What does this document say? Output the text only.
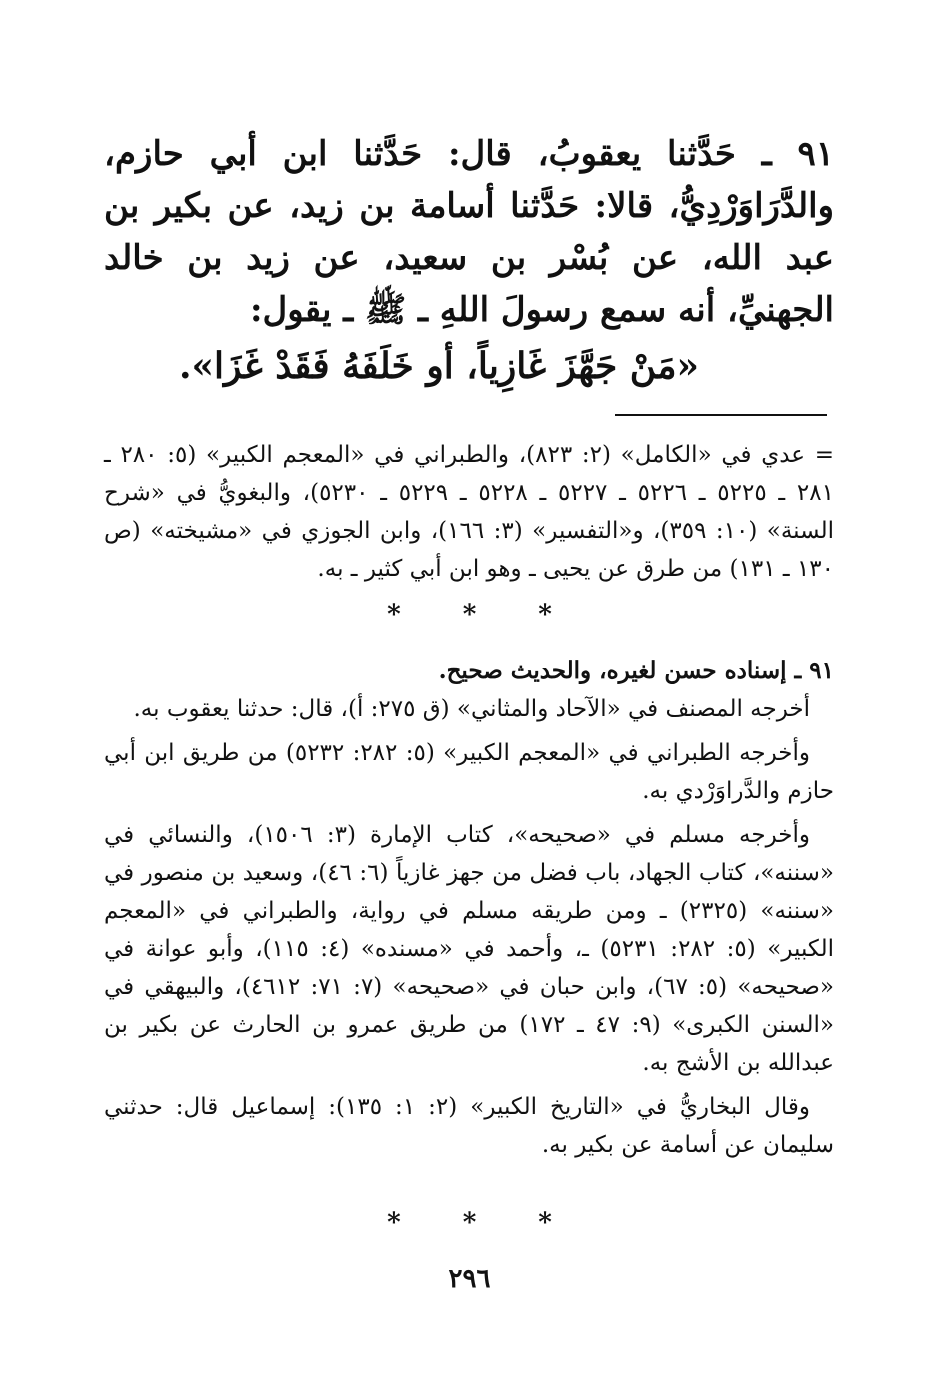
٩١ ـ حَدَّثنا يعقوبُ، قال: حَدَّثنا ابن أبي حازم، والدَّرَاوَرْدِيُّ، قالا: حَدَّثنا أسامة بن زيد، عن بكير بن عبد الله، عن بُسْر بن سعيد، عن زيد بن خالد الجهنيِّ، أنه سمع رسولَ اللهِ ـ ﷺ ـ يقول:

«مَنْ جَهَّزَ غَازِياً، أو خَلَفَهُ فَقَدْ غَزَا».

= عدي في «الكامل» (٢: ٨٢٣)، والطبراني في «المعجم الكبير» (٥: ٢٨٠ ـ ٢٨١ ـ ٥٢٢٥ ـ ٥٢٢٦ ـ ٥٢٢٧ ـ ٥٢٢٨ ـ ٥٢٢٩ ـ ٥٢٣٠)، والبغويُّ في «شرح السنة» (١٠: ٣٥٩)، و«التفسير» (٣: ١٦٦)، وابن الجوزي في «مشيخته» (ص ١٣٠ ـ ١٣١) من طرق عن يحيى ـ وهو ابن أبي كثير ـ به.

* * *

٩١ ـ إسناده حسن لغيره، والحديث صحيح.

أخرجه المصنف في «الآحاد والمثاني» (ق ٢٧٥: أ)، قال: حدثنا يعقوب به.

وأخرجه الطبراني في «المعجم الكبير» (٥: ٢٨٢: ٥٢٣٢) من طريق ابن أبي حازم والدَّراوَرْدي به.

وأخرجه مسلم في «صحيحه»، كتاب الإمارة (٣: ١٥٠٦)، والنسائي في «سننه»، كتاب الجهاد، باب فضل من جهز غازياً (٦: ٤٦)، وسعيد بن منصور في «سننه» (٢٣٢٥) ـ ومن طريقه مسلم في رواية، والطبراني في «المعجم الكبير» (٥: ٢٨٢: ٥٢٣١) ـ، وأحمد في «مسنده» (٤: ١١٥)، وأبو عوانة في «صحيحه» (٥: ٦٧)، وابن حبان في «صحيحه» (٧: ٧١: ٤٦١٢)، والبيهقي في «السنن الكبرى» (٩: ٤٧ ـ ١٧٢) من طريق عمرو بن الحارث عن بكير بن عبدالله بن الأشج به.

وقال البخاريُّ في «التاريخ الكبير» (٢: ١: ١٣٥): إسماعيل قال: حدثني سليمان عن أسامة عن بكير به.

* * *
٢٩٦
